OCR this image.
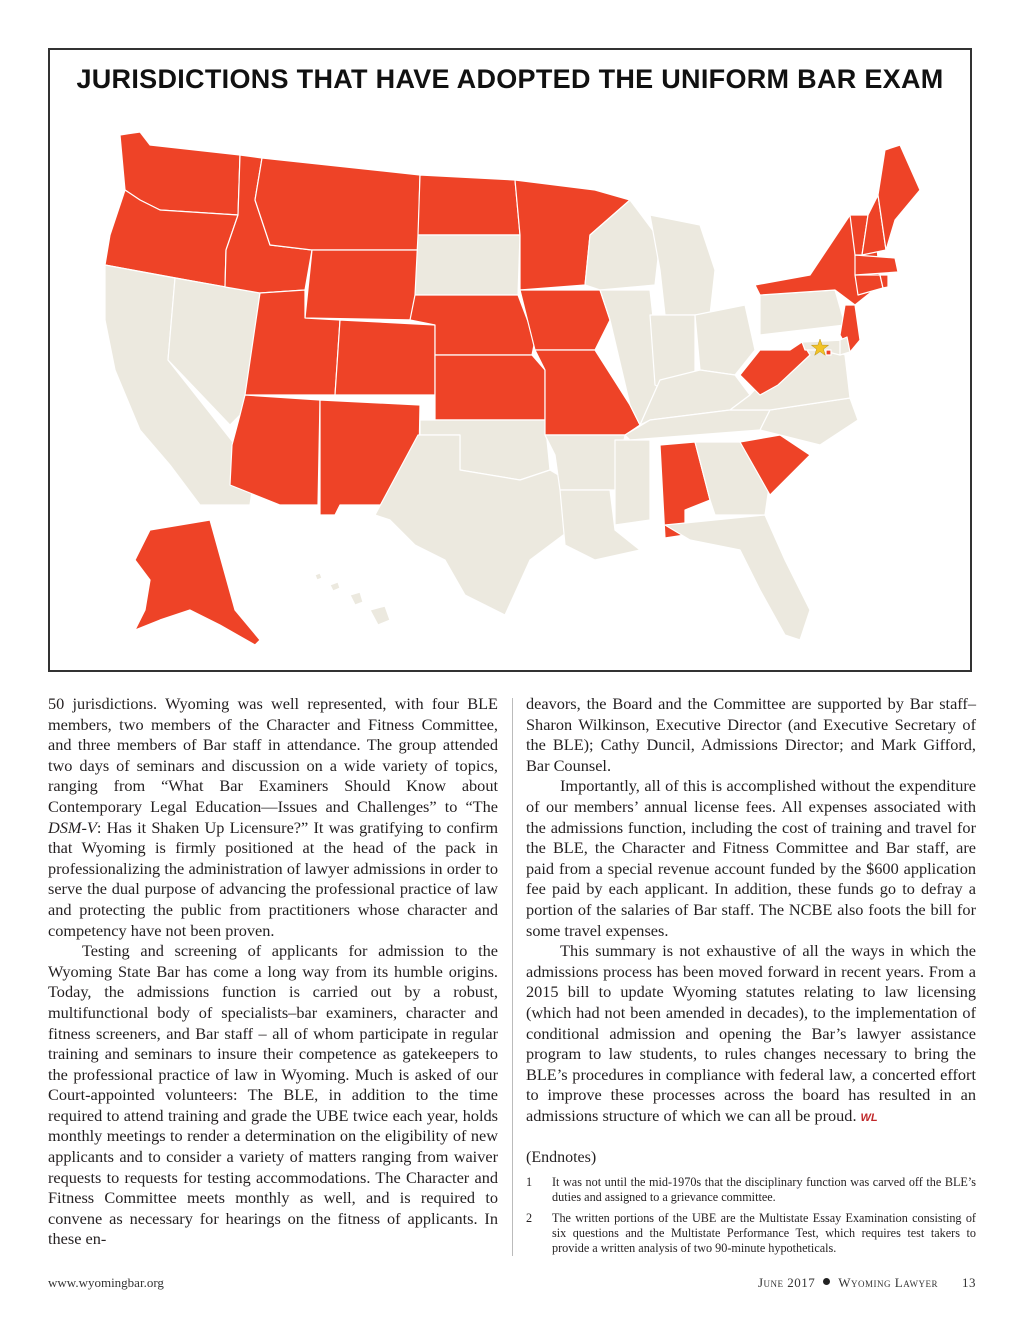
JURISDICTIONS THAT HAVE ADOPTED THE UNIFORM BAR EXAM

50 jurisdictions. Wyoming was well represented, with four BLE members, two members of the Character and Fitness Committee, and three members of Bar staff in attendance. The group attended two days of seminars and discussion on a wide variety of topics, ranging from “What Bar Examiners Should Know about Contemporary Legal Education—Issues and Challenges” to “The DSM-V: Has it Shaken Up Licensure?” It was gratifying to confirm that Wyoming is firmly positioned at the head of the pack in professionalizing the administration of lawyer admissions in order to serve the dual purpose of advancing the professional practice of law and protecting the public from practitioners whose character and competency have not been proven.

Testing and screening of applicants for admission to the Wyoming State Bar has come a long way from its humble origins. Today, the admissions function is carried out by a robust, multifunctional body of specialists–bar examiners, character and fitness screeners, and Bar staff – all of whom participate in regular training and seminars to insure their competence as gatekeepers to the professional practice of law in Wyoming. Much is asked of our Court-appointed volunteers: The BLE, in addition to the time required to attend training and grade the UBE twice each year, holds monthly meetings to render a determination on the eligibility of new applicants and to consider a variety of matters ranging from waiver requests to requests for testing accommodations. The Character and Fitness Committee meets monthly as well, and is required to convene as necessary for hearings on the fitness of applicants. In these en-

deavors, the Board and the Committee are supported by Bar staff– Sharon Wilkinson, Executive Director (and Executive Secretary of the BLE); Cathy Duncil, Admissions Director; and Mark Gifford, Bar Counsel.

Importantly, all of this is accomplished without the expenditure of our members’ annual license fees. All expenses associated with the admissions function, including the cost of training and travel for the BLE, the Character and Fitness Committee and Bar staff, are paid from a special revenue account funded by the $600 application fee paid by each applicant. In addition, these funds go to defray a portion of the salaries of Bar staff. The NCBE also foots the bill for some travel expenses.

This summary is not exhaustive of all the ways in which the admissions process has been moved forward in recent years. From a 2015 bill to update Wyoming statutes relating to law licensing (which had not been amended in decades), to the implementation of conditional admission and opening the Bar’s lawyer assistance program to law students, to rules changes necessary to bring the BLE’s procedures in compliance with federal law, a concerted effort to improve these processes across the board has resulted in an admissions structure of which we can all be proud. WL

(Endnotes)

1	It was not until the mid-1970s that the disciplinary function was carved off the BLE’s duties and assigned to a grievance committee.

2	The written portions of the UBE are the Multistate Essay Examination consisting of six questions and the Multistate Performance Test, which requires test takers to provide a written analysis of two 90-minute hypotheticals.

www.wyomingbar.org	June 2017 Wyoming Lawyer 13
